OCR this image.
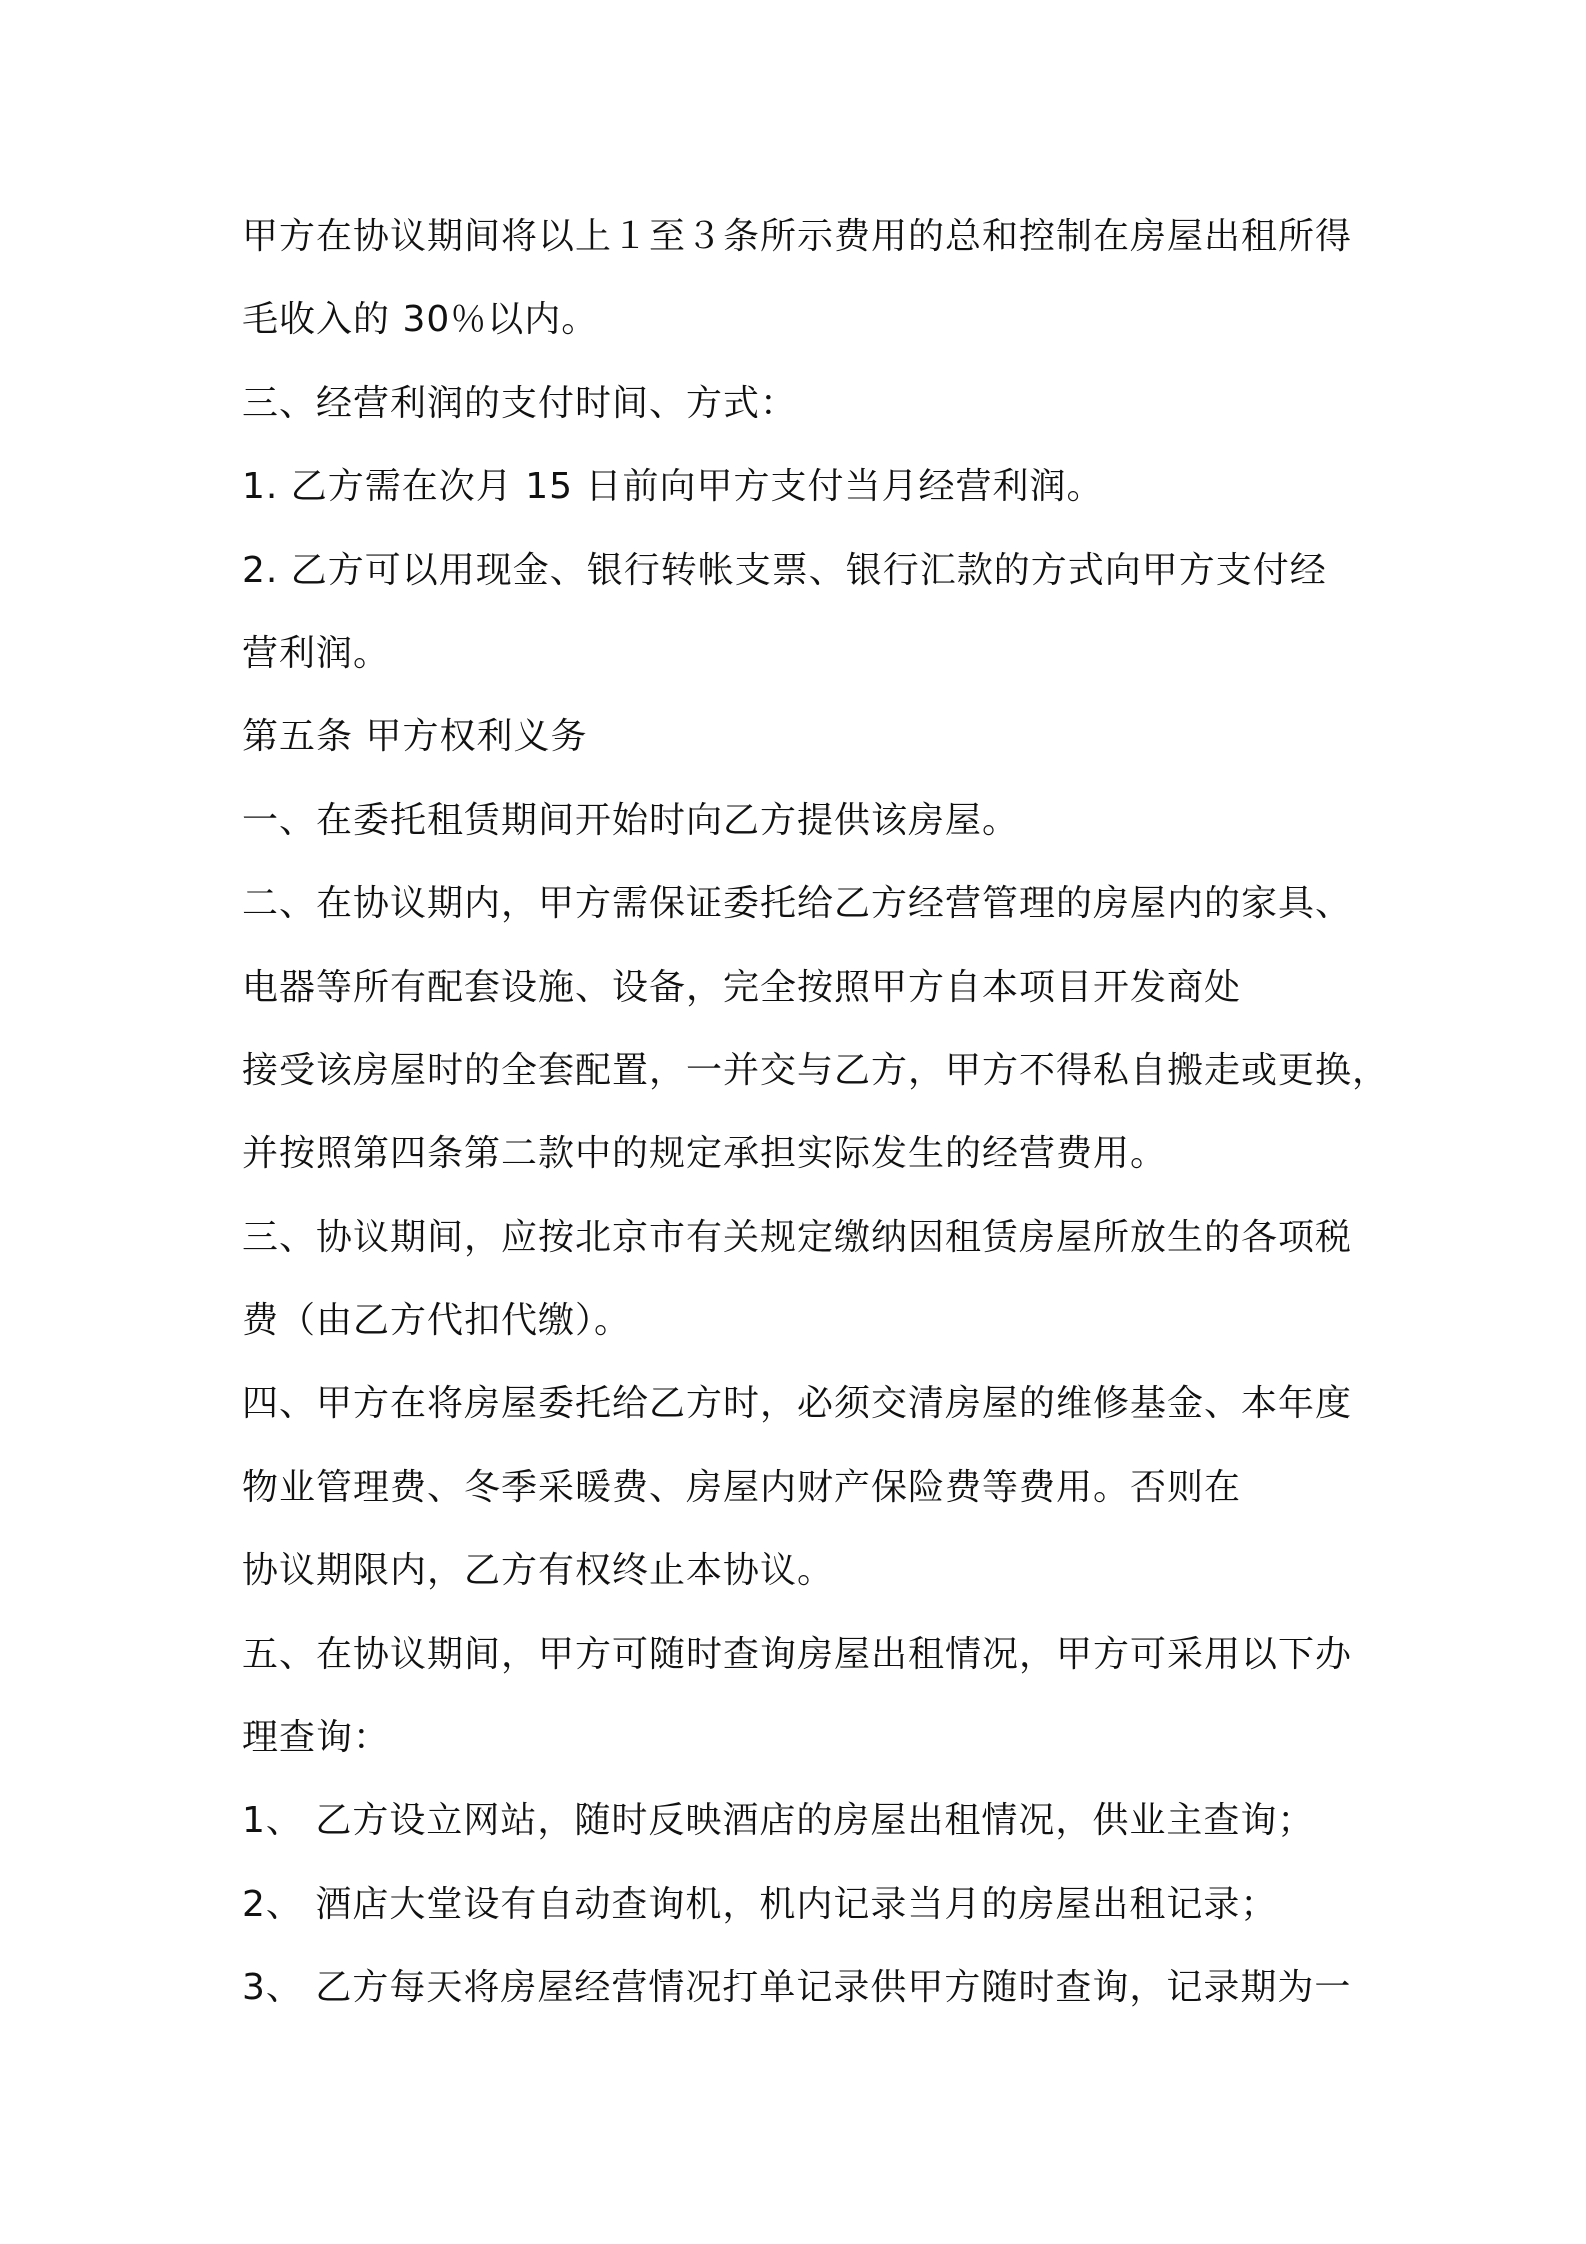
甲方在协议期间将以上１至３条所示费用的总和控制在房屋出租所得
毛收入的 30％以内。
三、经营利润的支付时间、方式：
1. 乙方需在次月 15 日前向甲方支付当月经营利润。
2. 乙方可以用现金、银行转帐支票、银行汇款的方式向甲方支付经
营利润。
第五条 甲方权利义务
一、在委托租赁期间开始时向乙方提供该房屋。
二、在协议期内，甲方需保证委托给乙方经营管理的房屋内的家具、
电器等所有配套设施、设备，完全按照甲方自本项目开发商处
接受该房屋时的全套配置，一并交与乙方，甲方不得私自搬走或更换，
并按照第四条第二款中的规定承担实际发生的经营费用。
三、协议期间，应按北京市有关规定缴纳因租赁房屋所放生的各项税
费（由乙方代扣代缴）。
四、甲方在将房屋委托给乙方时，必须交清房屋的维修基金、本年度
物业管理费、冬季采暖费、房屋内财产保险费等费用。否则在
协议期限内，乙方有权终止本协议。
五、在协议期间，甲方可随时查询房屋出租情况，甲方可采用以下办
理查询：
1、 乙方设立网站，随时反映酒店的房屋出租情况，供业主查询；
2、 酒店大堂设有自动查询机，机内记录当月的房屋出租记录；
3、 乙方每天将房屋经营情况打单记录供甲方随时查询，记录期为一
